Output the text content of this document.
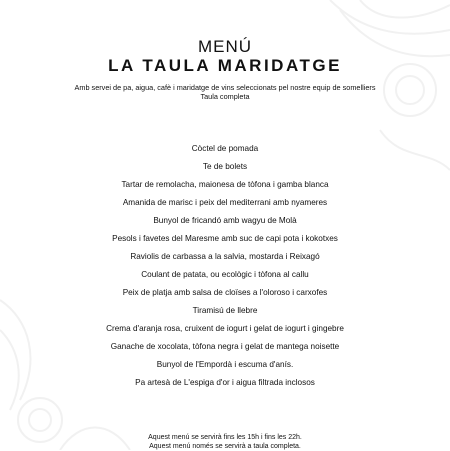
MENÚ
LA TAULA MARIDATGE
Amb servei de pa, aigua, cafè i maridatge de vins seleccionats pel nostre equip de somelliers
Taula completa
Còctel de pomada
Te de bolets
Tartar de remolacha, maionesa de tòfona i gamba blanca
Amanida de marisc i peix del mediterrani amb nyameres
Bunyol de fricandó amb wagyu de Molà
Pesols i favetes del Maresme amb suc de capi pota i kokotxes
Raviolis de carbassa a la salvia, mostarda i Reixagó
Coulant de patata, ou ecològic i tòfona al callu
Peix de platja amb salsa de cloïses a l'oloroso i carxofes
Tiramisú de llebre
Crema d'aranja rosa, cruixent de iogurt i gelat de iogurt i gingebre
Ganache de xocolata, tòfona negra i gelat de mantega noisette
Bunyol de l'Empordà i escuma d'anís.
Pa artesà de L'espiga d'or i aigua filtrada inclosos
Aquest menú se servirà fins les 15h i fins les 22h.
Aquest menú només se servirà a taula completa.
